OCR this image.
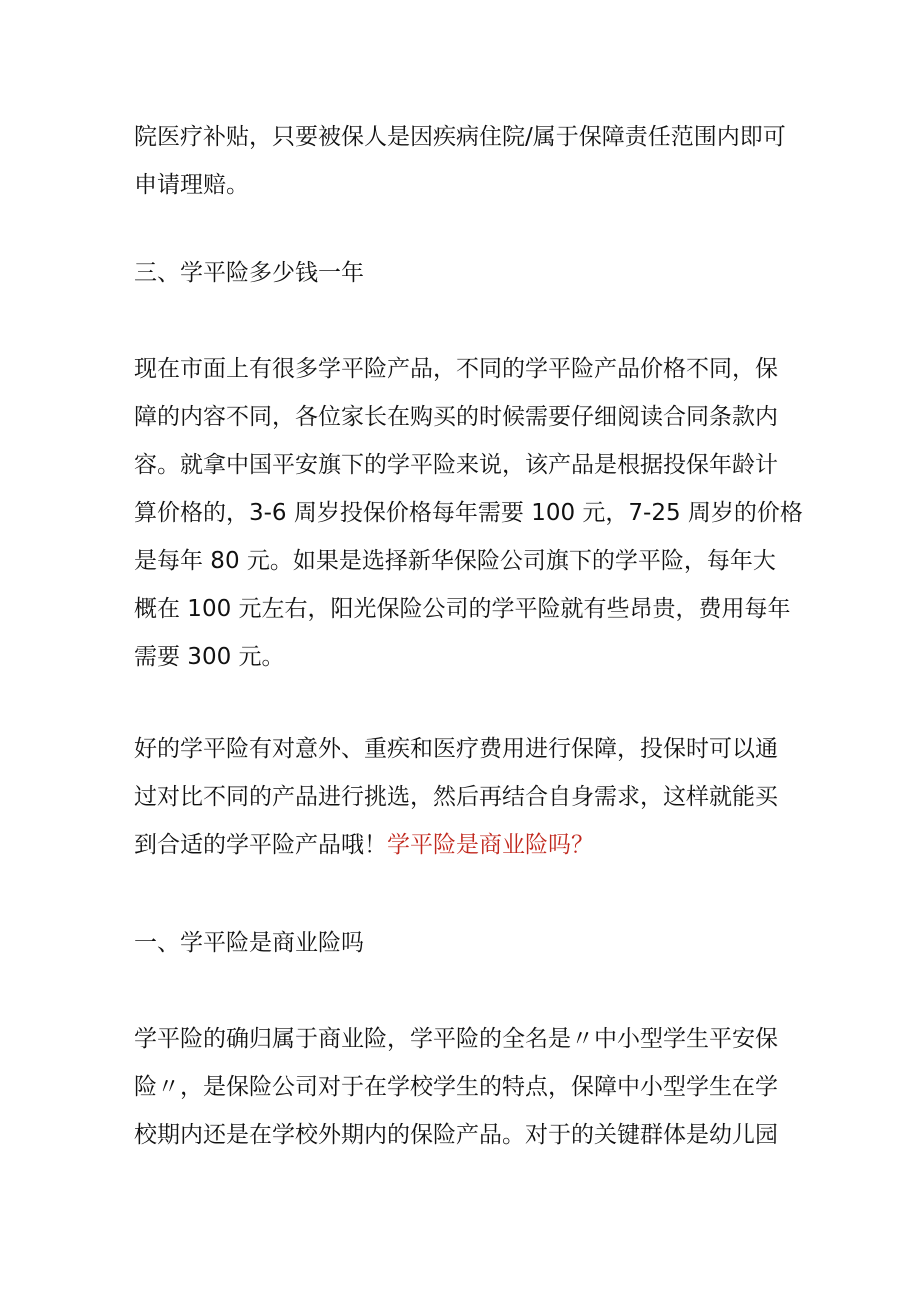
院医疗补贴，只要被保人是因疾病住院/属于保障责任范围内即可
申请理赔。
三、学平险多少钱一年
现在市面上有很多学平险产品，不同的学平险产品价格不同，保
障的内容不同，各位家长在购买的时候需要仔细阅读合同条款内
容。就拿中国平安旗下的学平险来说，该产品是根据投保年龄计
算价格的，3-6 周岁投保价格每年需要 100 元，7-25 周岁的价格
是每年 80 元。如果是选择新华保险公司旗下的学平险，每年大
概在 100 元左右，阳光保险公司的学平险就有些昂贵，费用每年
需要 300 元。
好的学平险有对意外、重疾和医疗费用进行保障，投保时可以通
过对比不同的产品进行挑选，然后再结合自身需求，这样就能买
到合适的学平险产品哦！学平险是商业险吗？
一、学平险是商业险吗
学平险的确归属于商业险，学平险的全名是〃中小型学生平安保
险〃，是保险公司对于在学校学生的特点，保障中小型学生在学
校期内还是在学校外期内的保险产品。对于的关键群体是幼儿园
